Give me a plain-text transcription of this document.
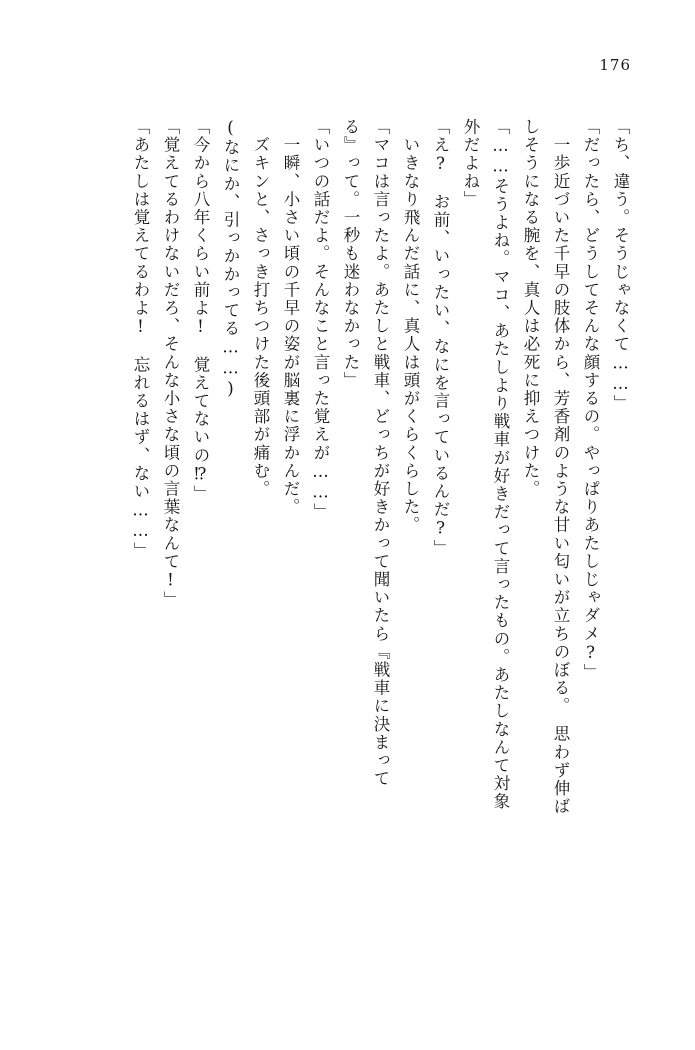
176
「ち、違う。そうじゃなくて……」
「だったら、どうしてそんな顔するの。やっぱりあたしじゃダメ?」
　一歩近づいた千早の肢体から、芳香剤のような甘い匂いが立ちのぼる。　思わず伸ば
しそうになる腕を、真人は必死に抑えつけた。
「……そうよね。マコ、あたしより戦車が好きだって言ったもの。あたしなんて対象
外だよね」
「え?　お前、いったい、なにを言っているんだ?」
　いきなり飛んだ話に、真人は頭がくらくらした。
「マコは言ったよ。あたしと戦車、どっちが好きかって聞いたら『戦車に決まって
る』って。一秒も迷わなかった」
「いつの話だよ。そんなこと言った覚えが……」
　一瞬、小さい頃の千早の姿が脳裏に浮かんだ。
　ズキンと、さっき打ちつけた後頭部が痛む。
(なにか、引っかかってる……)
「今から八年くらい前よ!　覚えてないの⁉」
「覚えてるわけないだろ、そんな小さな頃の言葉なんて!」
「あたしは覚えてるわよ!　忘れるはず、ない……」
